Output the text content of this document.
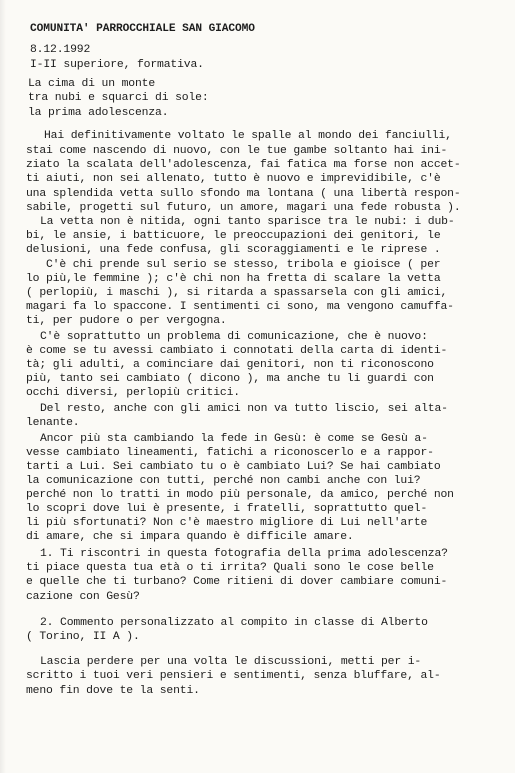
COMUNITA' PARROCCHIALE SAN GIACOMO
8.12.1992
I-II superiore, formativa.
La cima di un monte
tra nubi e squarci di sole:
la prima adolescenza.
Hai definitivamente voltato le spalle al mondo dei fanciulli,
stai come nascendo di nuovo, con le tue gambe soltanto hai ini-
ziato la scalata dell'adolescenza, fai fatica ma forse non accet-
ti aiuti, non sei allenato, tutto è nuovo e imprevidibile, c'è
una splendida vetta sullo sfondo ma lontana ( una libertà respon-
sabile, progetti sul futuro, un amore, magari una fede robusta ).
La vetta non è nitida, ogni tanto sparisce tra le nubi: i dub-
bi, le ansie, i batticuore, le preoccupazioni dei genitori, le
delusioni, una fede confusa, gli scoraggiamenti e le riprese .
C'è chi prende sul serio se stesso, tribola e gioisce ( per
lo più,le femmine ); c'è chi non ha fretta di scalare la vetta
( perlopiù, i maschi ), si ritarda a spassarsela con gli amici,
magari fa lo spaccone. I sentimenti ci sono, ma vengono camuffa-
ti, per pudore o per vergogna.
C'è soprattutto un problema di comunicazione, che è nuovo:
è come se tu avessi cambiato i connotati della carta di identi-
tà; gli adulti, a cominciare dai genitori, non ti riconoscono
più, tanto sei cambiato ( dicono ), ma anche tu li guardi con
occhi diversi, perlopiù critici.
Del resto, anche con gli amici non va tutto liscio, sei alta-
lenante.
Ancor più sta cambiando la fede in Gesù: è come se Gesù a-
vesse cambiato lineamenti, fatichi a riconoscerlo e a rappor-
tarti a Lui. Sei cambiato tu o è cambiato Lui? Se hai cambiato
la comunicazione con tutti, perché non cambi anche con lui?
perché non lo tratti in modo più personale, da amico, perché non
lo scopri dove lui è presente, i fratelli, soprattutto quel-
li più sfortunati? Non c'è maestro migliore di Lui nell'arte
di amare, che si impara quando è difficile amare.
1. Ti riscontri in questa fotografia della prima adolescenza?
ti piace questa tua età o ti irrita? Quali sono le cose belle
e quelle che ti turbano? Come ritieni di dover cambiare comuni-
cazione con Gesù?
2. Commento personalizzato al compito in classe di Alberto
( Torino, II A ).
Lascia perdere per una volta le discussioni, metti per i-
scritto i tuoi veri pensieri e sentimenti, senza bluffare, al-
meno fin dove te la senti.
